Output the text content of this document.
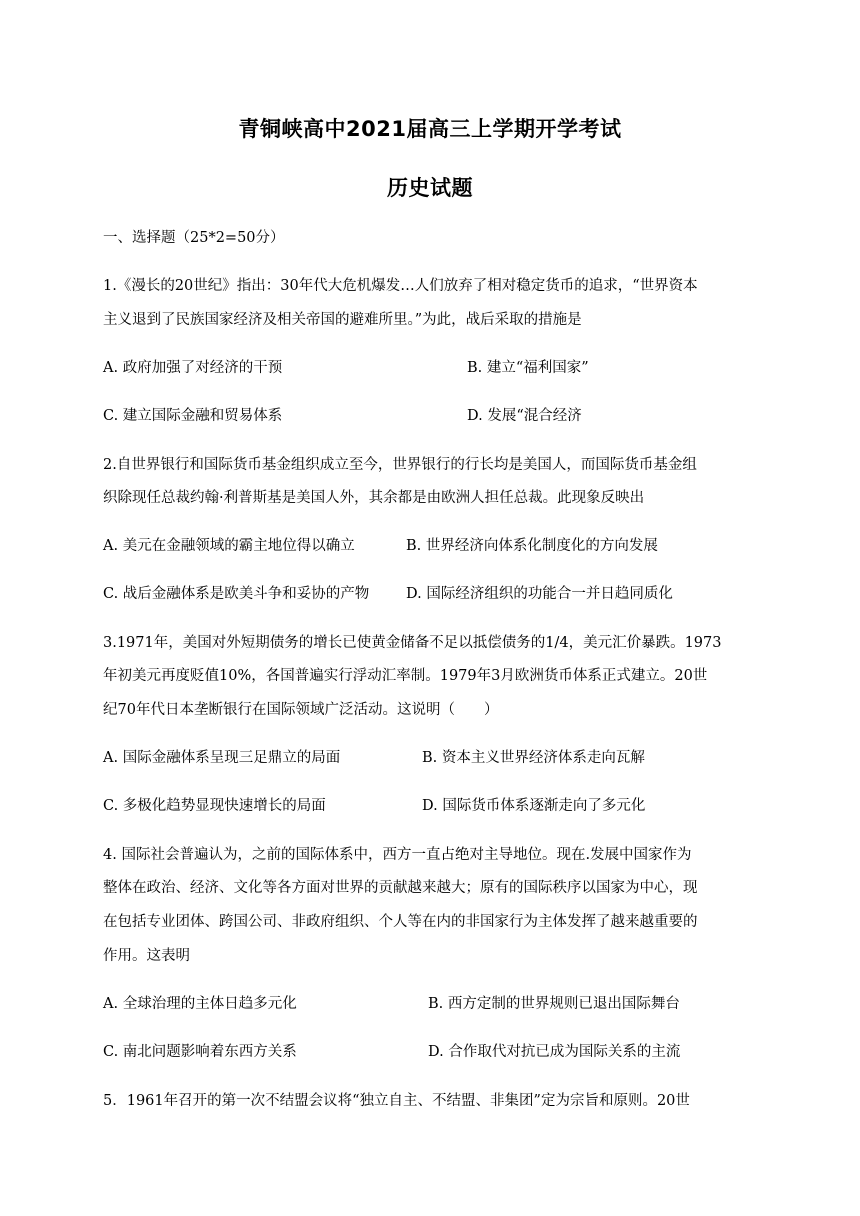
青铜峡高中2021届高三上学期开学考试
历史试题
一、选择题（25*2=50分）
1.《漫长的20世纪》指出：30年代大危机爆发…人们放弃了相对稳定货币的追求，“世界资本
主义退到了民族国家经济及相关帝国的避难所里。”为此，战后采取的措施是
A. 政府加强了对经济的干预	B. 建立“福利国家”
C. 建立国际金融和贸易体系	D. 发展“混合经济
2.自世界银行和国际货币基金组织成立至今，世界银行的行长均是美国人，而国际货币基金组
织除现任总裁约翰·利普斯基是美国人外，其余都是由欧洲人担任总裁。此现象反映出
A. 美元在金融领域的霸主地位得以确立	B. 世界经济向体系化制度化的方向发展
C. 战后金融体系是欧美斗争和妥协的产物	D. 国际经济组织的功能合一并日趋同质化
3.1971年，美国对外短期债务的增长已使黄金储备不足以抵偿债务的1/4，美元汇价暴跌。1973
年初美元再度贬值10%，各国普遍实行浮动汇率制。1979年3月欧洲货币体系正式建立。20世
纪70年代日本垄断银行在国际领域广泛活动。这说明（　　）
A. 国际金融体系呈现三足鼎立的局面	B. 资本主义世界经济体系走向瓦解
C. 多极化趋势显现快速增长的局面	D. 国际货币体系逐渐走向了多元化
4. 国际社会普遍认为，之前的国际体系中，西方一直占绝对主导地位。现在.发展中国家作为
整体在政治、经济、文化等各方面对世界的贡献越来越大；原有的国际秩序以国家为中心，现
在包括专业团体、跨国公司、非政府组织、个人等在内的非国家行为主体发挥了越来越重要的
作用。这表明
A. 全球治理的主体日趋多元化	B. 西方定制的世界规则已退出国际舞台
C. 南北问题影响着东西方关系	D. 合作取代对抗已成为国际关系的主流
5．1961年召开的第一次不结盟会议将“独立自主、不结盟、非集团”定为宗旨和原则。20世
